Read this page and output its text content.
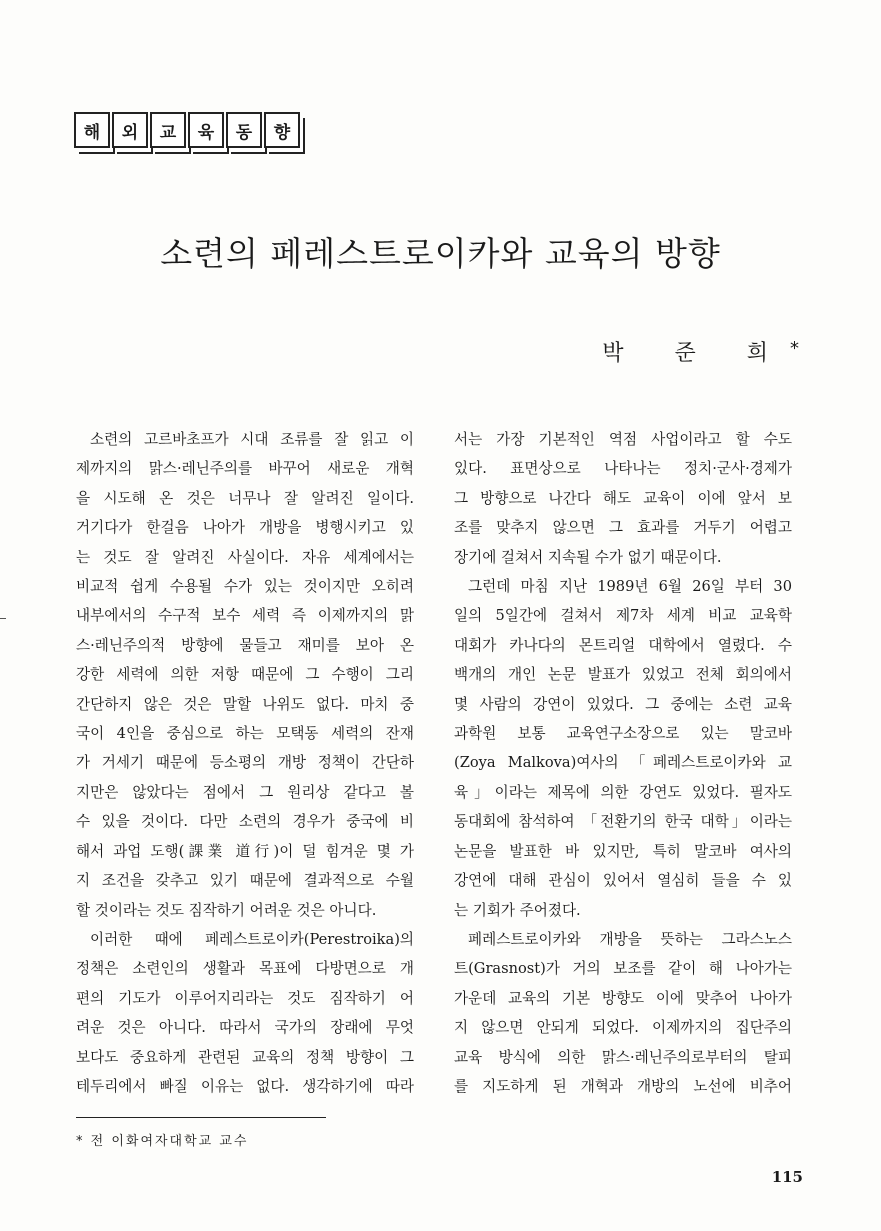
해	외	교	육	동	향
소련의 페레스트로이카와 교육의 방향
박 준 희*
소련의 고르바초프가 시대 조류를 잘 읽고 이
제까지의 맑스·레닌주의를 바꾸어 새로운 개혁
을 시도해 온 것은 너무나 잘 알려진 일이다.
거기다가 한걸음 나아가 개방을 병행시키고 있
는 것도 잘 알려진 사실이다. 자유 세계에서는
비교적 쉽게 수용될 수가 있는 것이지만 오히려
내부에서의 수구적 보수 세력 즉 이제까지의 맑
스·레닌주의적 방향에 물들고 재미를 보아 온
강한 세력에 의한 저항 때문에 그 수행이 그리
간단하지 않은 것은 말할 나위도 없다. 마치 중
국이 4인을 중심으로 하는 모택동 세력의 잔재
가 거세기 때문에 등소평의 개방 정책이 간단하
지만은 않았다는 점에서 그 원리상 같다고 볼
수 있을 것이다. 다만 소련의 경우가 중국에 비
해서 과업 도행(課業 道行)이 덜 힘겨운 몇 가
지 조건을 갖추고 있기 때문에 결과적으로 수월
할 것이라는 것도 짐작하기 어려운 것은 아니다.
이러한 때에 페레스트로이카(Perestroika)의
정책은 소련인의 생활과 목표에 다방면으로 개
편의 기도가 이루어지리라는 것도 짐작하기 어
려운 것은 아니다. 따라서 국가의 장래에 무엇
보다도 중요하게 관련된 교육의 정책 방향이 그
테두리에서 빠질 이유는 없다. 생각하기에 따라
서는 가장 기본적인 역점 사업이라고 할 수도
있다. 표면상으로 나타나는 정치·군사·경제가
그 방향으로 나간다 해도 교육이 이에 앞서 보
조를 맞추지 않으면 그 효과를 거두기 어렵고
장기에 걸쳐서 지속될 수가 없기 때문이다.
그런데 마침 지난 1989년 6월 26일 부터 30
일의 5일간에 걸쳐서 제7차 세계 비교 교육학
대회가 카나다의 몬트리얼 대학에서 열렸다. 수
백개의 개인 논문 발표가 있었고 전체 회의에서
몇 사람의 강연이 있었다. 그 중에는 소련 교육
과학원 보통 교육연구소장으로 있는 말코바
(Zoya Malkova)여사의 「페레스트로이카와 교
육」이라는 제목에 의한 강연도 있었다. 필자도
동대회에 참석하여 「전환기의 한국 대학」이라는
논문을 발표한 바 있지만, 특히 말코바 여사의
강연에 대해 관심이 있어서 열심히 들을 수 있
는 기회가 주어졌다.
페레스트로이카와 개방을 뜻하는 그라스노스
트(Grasnost)가 거의 보조를 같이 해 나아가는
가운데 교육의 기본 방향도 이에 맞추어 나아가
지 않으면 안되게 되었다. 이제까지의 집단주의
교육 방식에 의한 맑스·레닌주의로부터의 탈피
를 지도하게 된 개혁과 개방의 노선에 비추어
* 전 이화여자대학교 교수
115
